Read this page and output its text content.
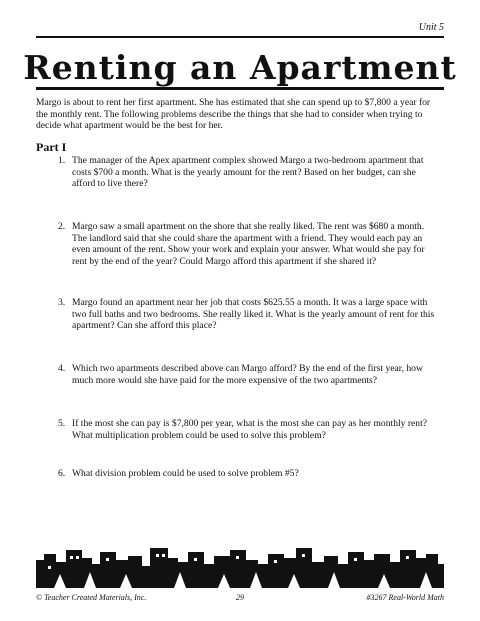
Unit 5
Renting an Apartment

Margo is about to rent her first apartment. She has estimated that she can spend up to $7,800 a year for the monthly rent. The following problems describe the things that she had to consider when trying to decide what apartment would be the best for her.

Part I

1. The manager of the Apex apartment complex showed Margo a two-bedroom apartment that costs $700 a month. What is the yearly amount for the rent? Based on her budget, can she afford to live there?
2. Margo saw a small apartment on the shore that she really liked. The rent was $680 a month. The landlord said that she could share the apartment with a friend. They would each pay an even amount of the rent. Show your work and explain your answer. What would she pay for rent by the end of the year? Could Margo afford this apartment if she shared it?
3. Margo found an apartment near her job that costs $625.55 a month. It was a large space with two full baths and two bedrooms. She really liked it. What is the yearly amount of rent for this apartment? Can she afford this place?
4. Which two apartments described above can Margo afford? By the end of the first year, how much more would she have paid for the more expensive of the two apartments?
5. If the most she can pay is $7,800 per year, what is the most she can pay as her monthly rent? What multiplication problem could be used to solve this problem?
6. What division problem could be used to solve problem #5?
© Teacher Created Materials, Inc.	29	#3267 Real-World Math
